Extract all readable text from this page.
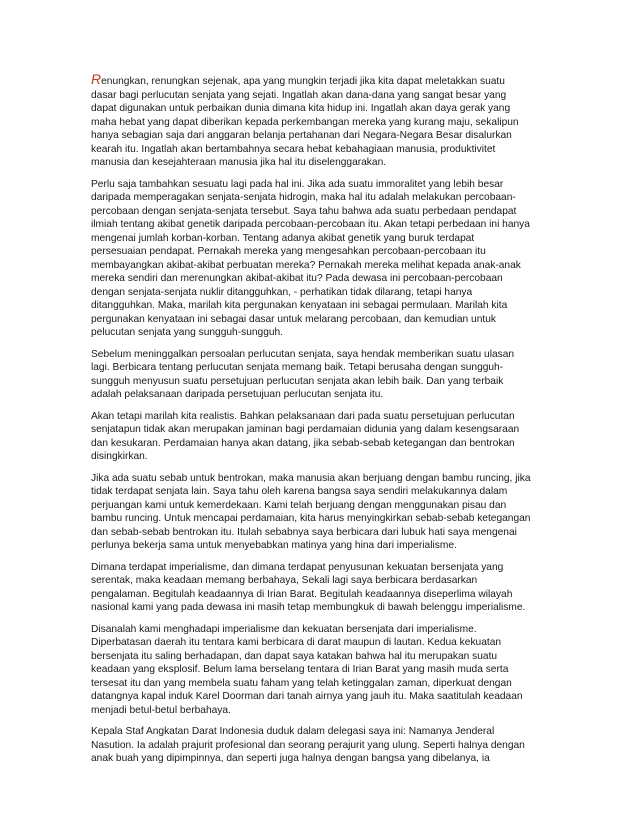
Renungkan, renungkan sejenak, apa yang mungkin terjadi jika kita dapat meletakkan suatu
dasar bagi perlucutan senjata yang sejati. Ingatlah akan dana-dana yang sangat besar yang
dapat digunakan untuk perbaikan dunia dimana kita hidup ini. Ingatlah akan daya gerak yang
maha hebat yang dapat diberikan kepada perkembangan mereka yang kurang maju, sekalipun
hanya sebagian saja dari anggaran belanja pertahanan dari Negara-Negara Besar disalurkan
kearah itu. Ingatlah akan bertambahnya secara hebat kebahagiaan manusia, produktivitet
manusia dan kesejahteraan manusia jika hal itu diselenggarakan.

Perlu saja tambahkan sesuatu lagi pada hal ini. Jika ada suatu immoralitet yang lebih besar
daripada memperagakan senjata-senjata hidrogin, maka hal itu adalah melakukan percobaan-
percobaan dengan senjata-senjata tersebut. Saya tahu bahwa ada suatu perbedaan pendapat
ilmiah tentang akibat genetik daripada percobaan-percobaan itu. Akan tetapi perbedaan ini hanya
mengenai jumlah korban-korban. Tentang adanya akibat genetik yang buruk terdapat
persesuaian pendapat. Pernakah mereka yang mengesahkan percobaan-percobaan itu
membayangkan akibat-akibat perbuatan mereka? Pernakah mereka melihat kepada anak-anak
mereka sendiri dan merenungkan akibat-akibat itu? Pada dewasa ini percobaan-percobaan
dengan senjata-senjata nuklir ditangguhkan, - perhatikan tidak dilarang, tetapi hanya
ditangguhkan. Maka, marilah kita pergunakan kenyataan ini sebagai permulaan. Marilah kita
pergunakan kenyataan ini sebagai dasar untuk melarang percobaan, dan kemudian untuk
pelucutan senjata yang sungguh-sungguh.

Sebelum meninggalkan persoalan perlucutan senjata, saya hendak memberikan suatu ulasan
lagi. Berbicara tentang perlucutan senjata memang baik. Tetapi berusaha dengan sungguh-
sungguh menyusun suatu persetujuan perlucutan senjata akan lebih baik. Dan yang terbaik
adalah pelaksanaan daripada persetujuan perlucutan senjata itu.

Akan tetapi marilah kita realistis. Bahkan pelaksanaan dari pada suatu persetujuan perlucutan
senjatapun tidak akan merupakan jaminan bagi perdamaian didunia yang dalam kesengsaraan
dan kesukaran. Perdamaian hanya akan datang, jika sebab-sebab ketegangan dan bentrokan
disingkirkan.

Jika ada suatu sebab untuk bentrokan, maka manusia akan berjuang dengan bambu runcing, jika
tidak terdapat senjata lain. Saya tahu oleh karena bangsa saya sendiri melakukannya dalam
perjuangan kami untuk kemerdekaan. Kami telah berjuang dengan menggunakan pisau dan
bambu runcing. Untuk mencapai perdamaian, kita harus menyingkirkan sebab-sebab ketegangan
dan sebab-sebab bentrokan itu. Itulah sebabnya saya berbicara dari lubuk hati saya mengenai
perlunya bekerja sama untuk menyebabkan matinya yang hina dari imperialisme.

Dimana terdapat imperialisme, dan dimana terdapat penyusunan kekuatan bersenjata yang
serentak, maka keadaan memang berbahaya, Sekali lagi saya berbicara berdasarkan
pengalaman. Begitulah keadaannya di Irian Barat. Begitulah keadaannya diseperlima wilayah
nasional kami yang pada dewasa ini masih tetap membungkuk di bawah belenggu imperialisme.

Disanalah kami menghadapi imperialisme dan kekuatan bersenjata dari imperialisme.
Diperbatasan daerah itu tentara kami berbicara di darat maupun di lautan. Kedua kekuatan
bersenjata itu saling berhadapan, dan dapat saya katakan bahwa hal itu merupakan suatu
keadaan yang eksplosif. Belum lama berselang tentara di Irian Barat yang masih muda serta
tersesat itu dan yang membela suatu faham yang telah ketinggalan zaman, diperkuat dengan
datangnya kapal induk Karel Doorman dari tanah airnya yang jauh itu. Maka saatitulah keadaan
menjadi betul-betul berbahaya.

Kepala Staf Angkatan Darat Indonesia duduk dalam delegasi saya ini: Namanya Jenderal
Nasution. Ia adalah prajurit profesional dan seorang perajurit yang ulung. Seperti halnya dengan
anak buah yang dipimpinnya, dan seperti juga halnya dengan bangsa yang dibelanya, ia
